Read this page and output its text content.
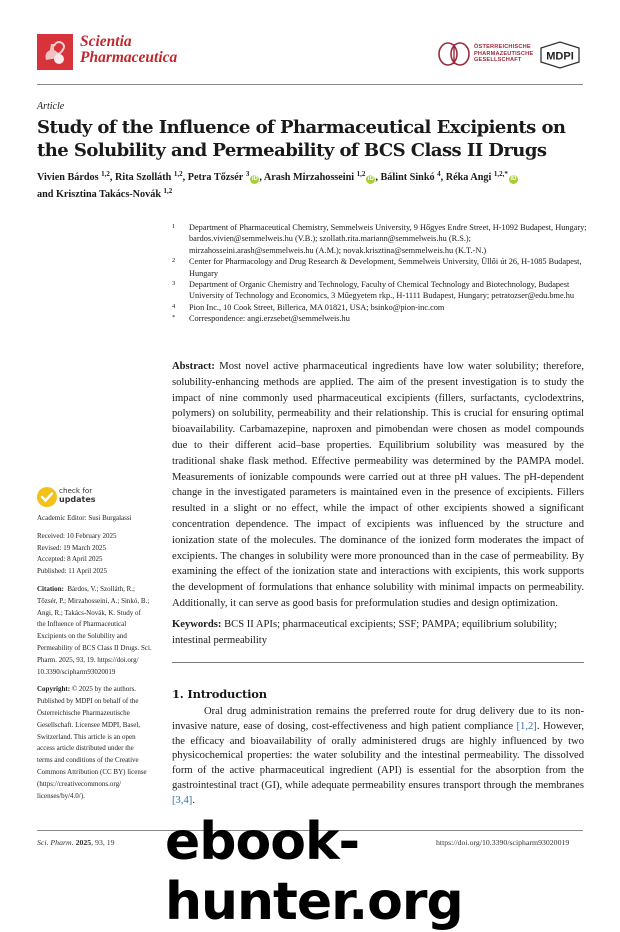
Scientia
Pharmaceutica
ÖSTERREICHISCHE
PHARMAZEUTISCHE
GESELLSCHAFT	MDPI
Article
Study of the Influence of Pharmaceutical Excipients on the Solubility and Permeability of BCS Class II Drugs
Vivien Bárdos $^{1,2}$, Rita Szolláth $^{1,2}$, Petra Tőzsér $^3$iD , Arash Mirzahosseini $^{1,2}$iD , Bálint Sinkó $^4$, Réka Angi $^{1,2,*}$iD
and Krisztina Takács-Novák $^{1,2}$
1 Department of Pharmaceutical Chemistry, Semmelweis University, 9 Hőgyes Endre Street, H-1092 Budapest, Hungary; bardos.vivien@semmelweis.hu (V.B.); szollath.rita.mariann@semmelweis.hu (R.S.); mirzahosseini.arash@semmelweis.hu (A.M.); novak.krisztina@semmelweis.hu (K.T.-N.)
2 Center for Pharmacology and Drug Research & Development, Semmelweis University, Üllői út 26, H-1085 Budapest, Hungary
3 Department of Organic Chemistry and Technology, Faculty of Chemical Technology and Biotechnology, Budapest University of Technology and Economics, 3 Műegyetem rkp., H-1111 Budapest, Hungary; petratozser@edu.bme.hu
4 Pion Inc., 10 Cook Street, Billerica, MA 01821, USA; bsinko@pion-inc.com
* Correspondence: angi.erzsebet@semmelweis.hu
Abstract: Most novel active pharmaceutical ingredients have low water solubility; therefore, solubility-enhancing methods are applied. The aim of the present investigation is to study the impact of nine commonly used pharmaceutical excipients (fillers, surfactants, cyclodextrins, polymers) on solubility, permeability and their relationship. This is crucial for ensuring optimal bioavailability. Carbamazepine, naproxen and pimobendan were chosen as model compounds due to their different acid–base properties. Equilibrium solubility was measured by the traditional shake flask method. Effective permeability was determined by the PAMPA model. Measurements of ionizable compounds were carried out at three pH values. The pH-dependent change in the investigated parameters is maintained even in the presence of excipients. Fillers resulted in a slight or no effect, while the impact of other excipients showed a significant concentration dependence. The impact of excipients was influenced by the structure and ionization state of the molecules. The dominance of the ionized form moderates the impact of excipients. The changes in solubility were more pronounced than in the case of permeability. By examining the effect of the ionization state and interactions with excipients, this work supports the development of formulations that enhance solubility with minimal impacts on permeability. Additionally, it can serve as good basis for preformulation studies and design optimization.
Keywords: BCS II APIs; pharmaceutical excipients; SSF; PAMPA; equilibrium solubility; intestinal permeability
check for
updates
Academic Editor: Susi Burgalassi
Received: 10 February 2025
Revised: 19 March 2025
Accepted: 8 April 2025
Published: 11 April 2025
Citation: Bárdos, V.; Szolláth, R.;
Tőzsér, P.; Mirzahosseini, A.; Sinkó, B.;
Angi, R.; Takács-Novák, K. Study of
the Influence of Pharmaceutical
Excipients on the Solubility and
Permeability of BCS Class II Drugs. Sci.
Pharm. 2025, 93, 19. https://doi.org/
10.3390/scipharm93020019
Copyright: © 2025 by the authors.
Published by MDPI on behalf of the
Österreichische Pharmazeutische
Gesellschaft. Licensee MDPI, Basel,
Switzerland. This article is an open
access article distributed under the
terms and conditions of the Creative
Commons Attribution (CC BY) license
(https://creativecommons.org/
licenses/by/4.0/).
1. Introduction
Oral drug administration remains the preferred route for drug delivery due to its non-invasive nature, ease of dosing, cost-effectiveness and high patient compliance [1,2]. However, the efficacy and bioavailability of orally administered drugs are highly influenced by two physicochemical properties: the water solubility and the intestinal permeability. The dissolved form of the active pharmaceutical ingredient (API) is essential for the absorption from the gastrointestinal tract (GI), while adequate permeability ensures transport through the membranes [3,4].
Sci. Pharm. 2025, 93, 19	https://doi.org/10.3390/scipharm93020019
ebook-hunter.org
